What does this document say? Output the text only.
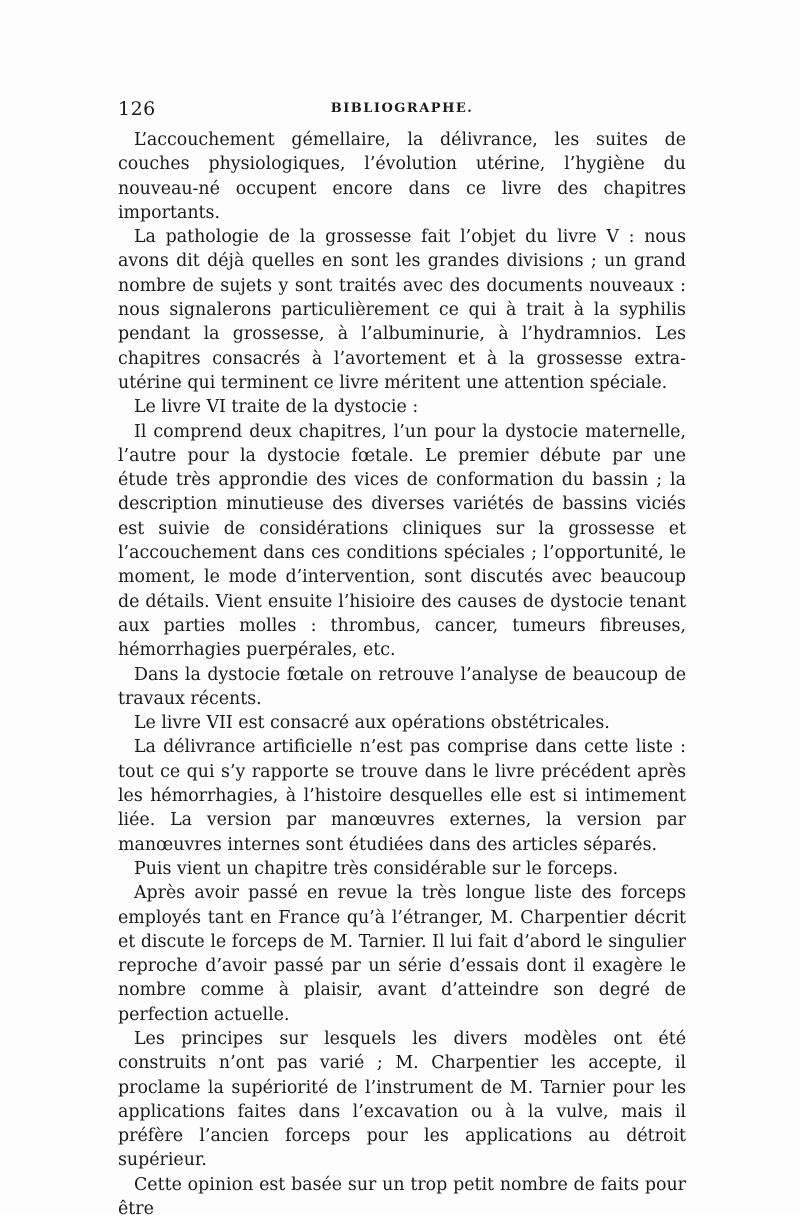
126	BIBLIOGRAPHE.

L’accouchement gémellaire, la délivrance, les suites de couches physiologiques, l’évolution utérine, l’hygiène du nouveau-né occupent encore dans ce livre des chapitres importants.

La pathologie de la grossesse fait l’objet du livre V : nous avons dit déjà quelles en sont les grandes divisions ; un grand nombre de sujets y sont traités avec des documents nouveaux : nous signalerons particulièrement ce qui à trait à la syphilis pendant la grossesse, à l’albuminurie, à l’hydramnios. Les chapitres consacrés à l’avortement et à la grossesse extra-utérine qui terminent ce livre méritent une attention spéciale.

Le livre VI traite de la dystocie :

Il comprend deux chapitres, l’un pour la dystocie maternelle, l’autre pour la dystocie fœtale. Le premier débute par une étude très approndie des vices de conformation du bassin ; la description minutieuse des diverses variétés de bassins viciés est suivie de considérations cliniques sur la grossesse et l’accouchement dans ces conditions spéciales ; l’opportunité, le moment, le mode d’intervention, sont discutés avec beaucoup de détails. Vient ensuite l’hisioire des causes de dystocie tenant aux parties molles : thrombus, cancer, tumeurs fibreuses, hémorrhagies puerpérales, etc.

Dans la dystocie fœtale on retrouve l’analyse de beaucoup de travaux récents.

Le livre VII est consacré aux opérations obstétricales.

La délivrance artificielle n’est pas comprise dans cette liste : tout ce qui s’y rapporte se trouve dans le livre précédent après les hémorrhagies, à l’histoire desquelles elle est si intimement liée. La version par manœuvres externes, la version par manœuvres internes sont étudiées dans des articles séparés.

Puis vient un chapitre très considérable sur le forceps.

Après avoir passé en revue la très longue liste des forceps employés tant en France qu’à l’étranger, M. Charpentier décrit et discute le forceps de M. Tarnier. Il lui fait d’abord le singulier reproche d’avoir passé par un série d’essais dont il exagère le nombre comme à plaisir, avant d’atteindre son degré de perfection actuelle.

Les principes sur lesquels les divers modèles ont été construits n’ont pas varié ; M. Charpentier les accepte, il proclame la supériorité de l’instrument de M. Tarnier pour les applications faites dans l’excavation ou à la vulve, mais il préfère l’ancien forceps pour les applications au détroit supérieur.

Cette opinion est basée sur un trop petit nombre de faits pour être
